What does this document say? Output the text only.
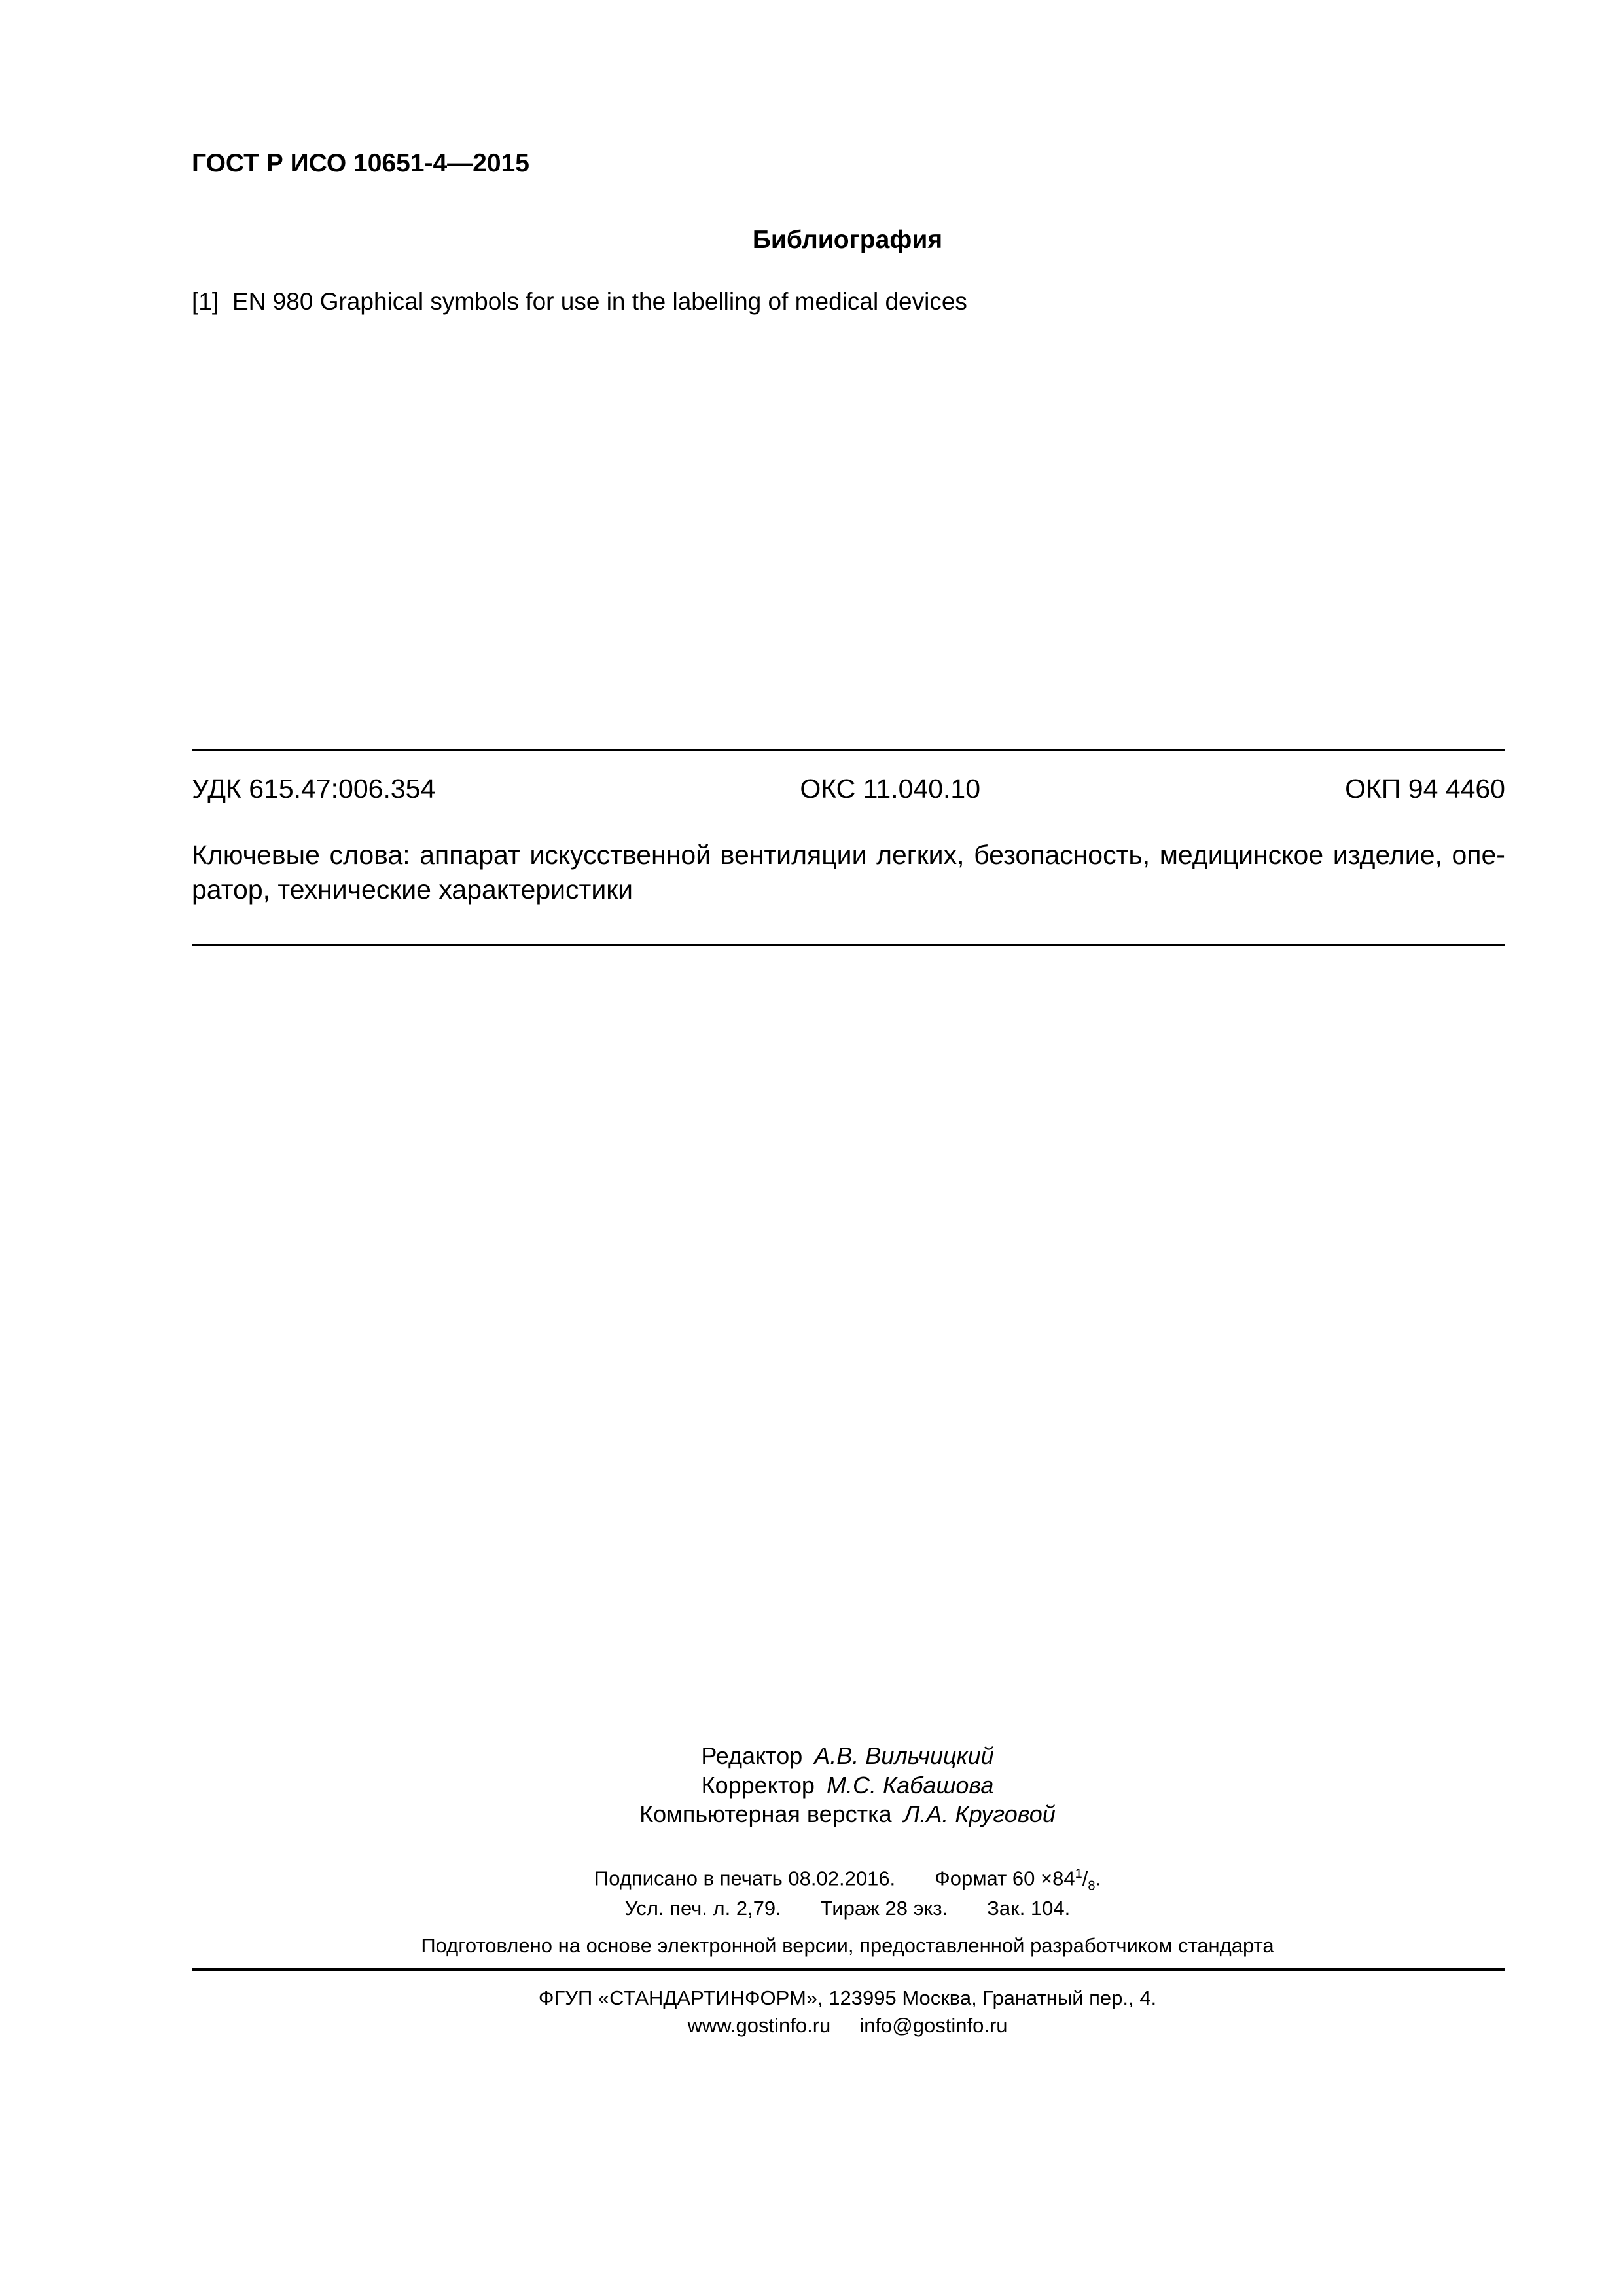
ГОСТ Р ИСО 10651-4—2015
Библиография
[1] EN 980 Graphical symbols for use in the labelling of medical devices
УДК 615.47:006.354	ОКС 11.040.10	ОКП 94 4460
Ключевые слова: аппарат искусственной вентиляции легких, безопасность, медицинское изделие, опе-
ратор, технические характеристики
Редактор А.В. Вильчицкий
Корректор М.С. Кабашова
Компьютерная верстка Л.А. Круговой
Подписано в печать 08.02.2016. Формат $60 \times 84^1/_8$.
Усл. печ. л. 2,79. Тираж 28 экз. Зак. 104.
Подготовлено на основе электронной версии, предоставленной разработчиком стандарта
ФГУП «СТАНДАРТИНФОРМ», 123995 Москва, Гранатный пер., 4.
www.gostinfo.ru info@gostinfo.ru
